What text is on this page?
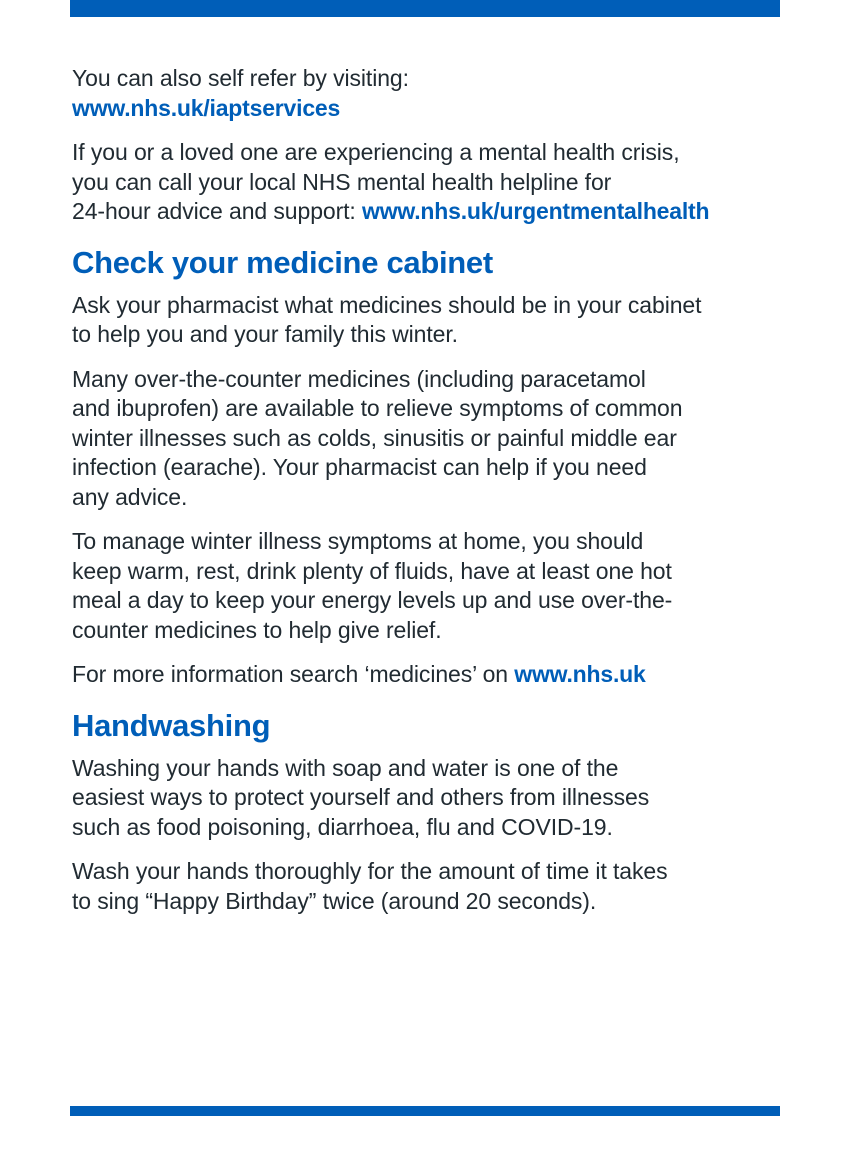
You can also self refer by visiting:
www.nhs.uk/iaptservices

If you or a loved one are experiencing a mental health crisis,
you can call your local NHS mental health helpline for
24-hour advice and support: www.nhs.uk/urgentmentalhealth

Check your medicine cabinet

Ask your pharmacist what medicines should be in your cabinet
to help you and your family this winter.

Many over-the-counter medicines (including paracetamol
and ibuprofen) are available to relieve symptoms of common
winter illnesses such as colds, sinusitis or painful middle ear
infection (earache). Your pharmacist can help if you need
any advice.

To manage winter illness symptoms at home, you should
keep warm, rest, drink plenty of fluids, have at least one hot
meal a day to keep your energy levels up and use over-the-
counter medicines to help give relief.

For more information search ‘medicines’ on www.nhs.uk

Handwashing

Washing your hands with soap and water is one of the
easiest ways to protect yourself and others from illnesses
such as food poisoning, diarrhoea, flu and COVID-19.

Wash your hands thoroughly for the amount of time it takes
to sing “Happy Birthday” twice (around 20 seconds).
